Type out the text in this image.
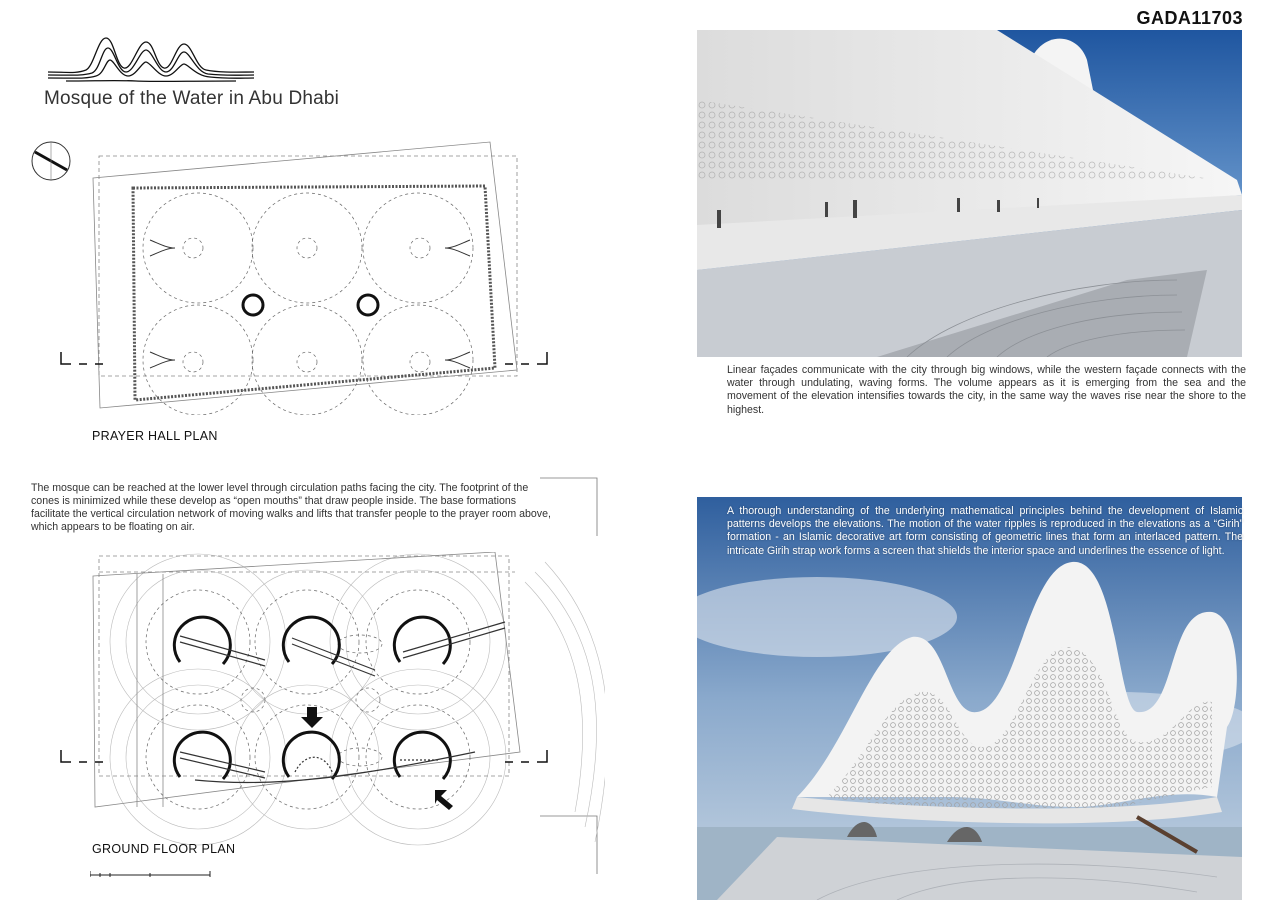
GADA11703
Mosque of the Water in Abu Dhabi
PRAYER HALL PLAN
The mosque can be reached at the lower level through circulation paths facing the city. The footprint of the cones is minimized while these develop as “open mouths” that draw people inside. The base formations facilitate the vertical circulation network of moving walks and lifts that transfer people to the prayer room above, which appears to be floating on air.
GROUND FLOOR PLAN
Linear façades communicate with the city through big windows, while the western façade connects with the water through undulating, waving forms. The volume appears as it is emerging from the sea and the movement of the elevation intensifies towards the city, in the same way the waves rise near the shore to the highest.
A thorough understanding of the underlying mathematical principles behind the development of Islamic patterns develops the elevations. The motion of the water ripples is reproduced in the elevations as a “Girih” formation - an Islamic decorative art form consisting of geometric lines that form an interlaced pattern. The intricate Girih strap work forms a screen that shields the interior space and underlines the essence of light.
